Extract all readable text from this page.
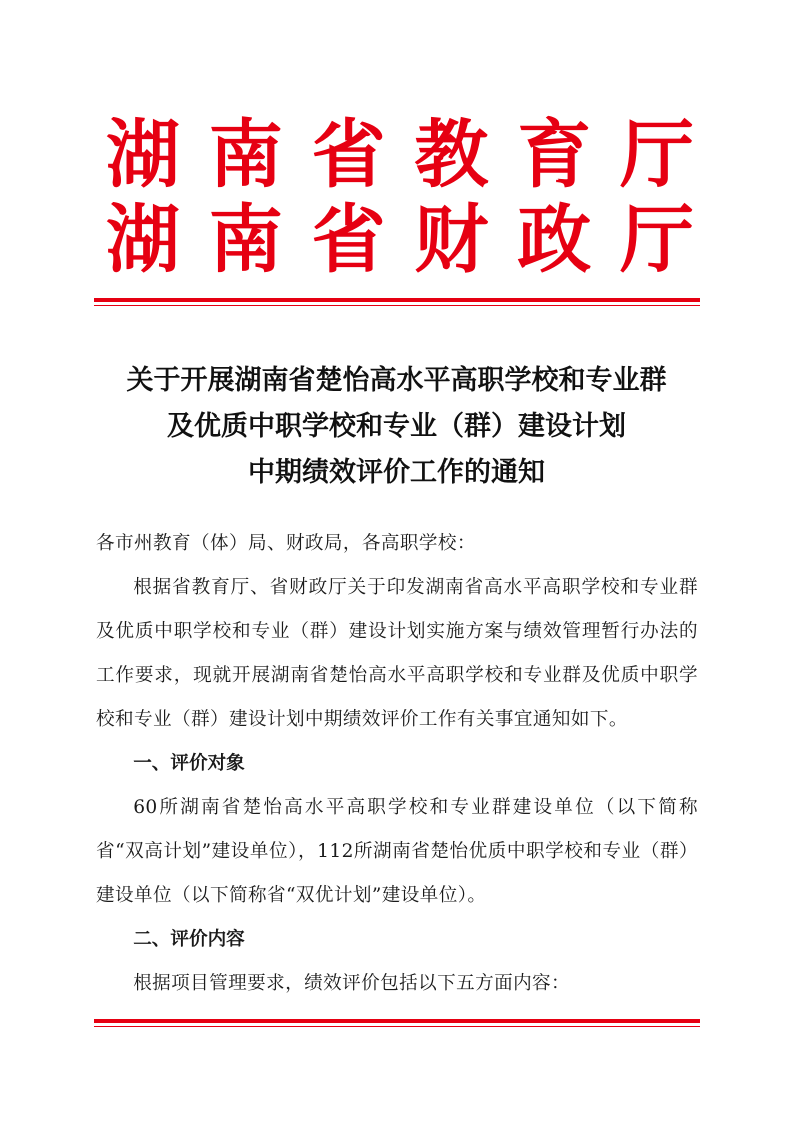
湖 南 省 教 育 厅
湖 南 省 财 政 厅
关于开展湖南省楚怡高水平高职学校和专业群
及优质中职学校和专业（群）建设计划
中期绩效评价工作的通知

各市州教育（体）局、财政局，各高职学校：

根据省教育厅、省财政厅关于印发湖南省高水平高职学校和专业群及优质中职学校和专业（群）建设计划实施方案与绩效管理暂行办法的工作要求，现就开展湖南省楚怡高水平高职学校和专业群及优质中职学校和专业（群）建设计划中期绩效评价工作有关事宜通知如下。

一、评价对象

60所湖南省楚怡高水平高职学校和专业群建设单位（以下简称省“双高计划”建设单位），112所湖南省楚怡优质中职学校和专业（群）建设单位（以下简称省“双优计划”建设单位）。

二、评价内容

根据项目管理要求，绩效评价包括以下五方面内容：
